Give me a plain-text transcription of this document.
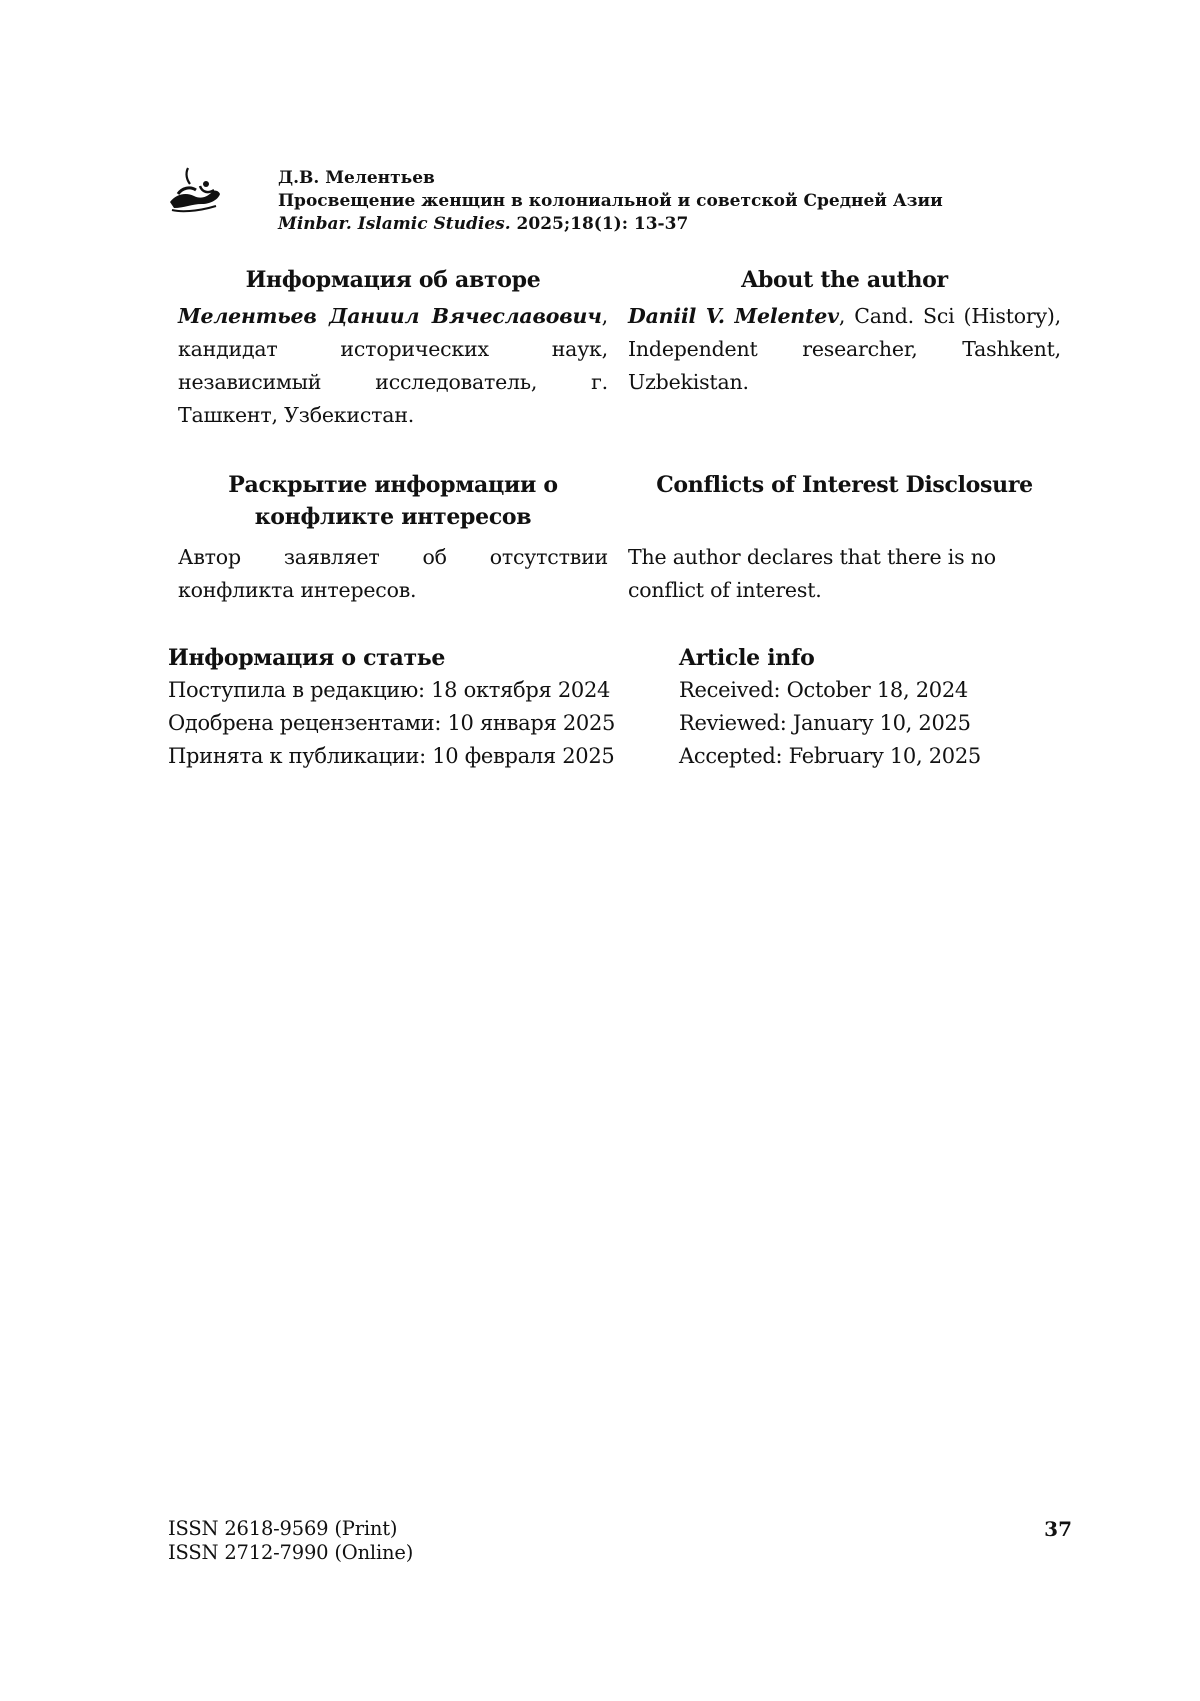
Д.В. Мелентьев
Просвещение женщин в колониальной и советской Средней Азии
Minbar. Islamic Studies. 2025;18(1): 13-37
Информация об авторе	About the author
Мелентьев Даниил Вячеславович, кандидат исторических наук, независимый исследователь, г. Ташкент, Узбекистан.
Daniil V. Melentev, Cand. Sci (History), Independent researcher, Tashkent, Uzbekistan.
Раскрытие информации о
конфликте интересов
Conflicts of Interest Disclosure
Автор заявляет об отсутствии конфликта интересов.
The author declares that there is no conflict of interest.
Информация о статье
Поступила в редакцию: 18 октября 2024
Одобрена рецензентами: 10 января 2025
Принята к публикации: 10 февраля 2025
Article info
Received: October 18, 2024
Reviewed: January 10, 2025
Accepted: February 10, 2025
ISSN 2618-9569 (Print)
ISSN 2712-7990 (Online)
37
